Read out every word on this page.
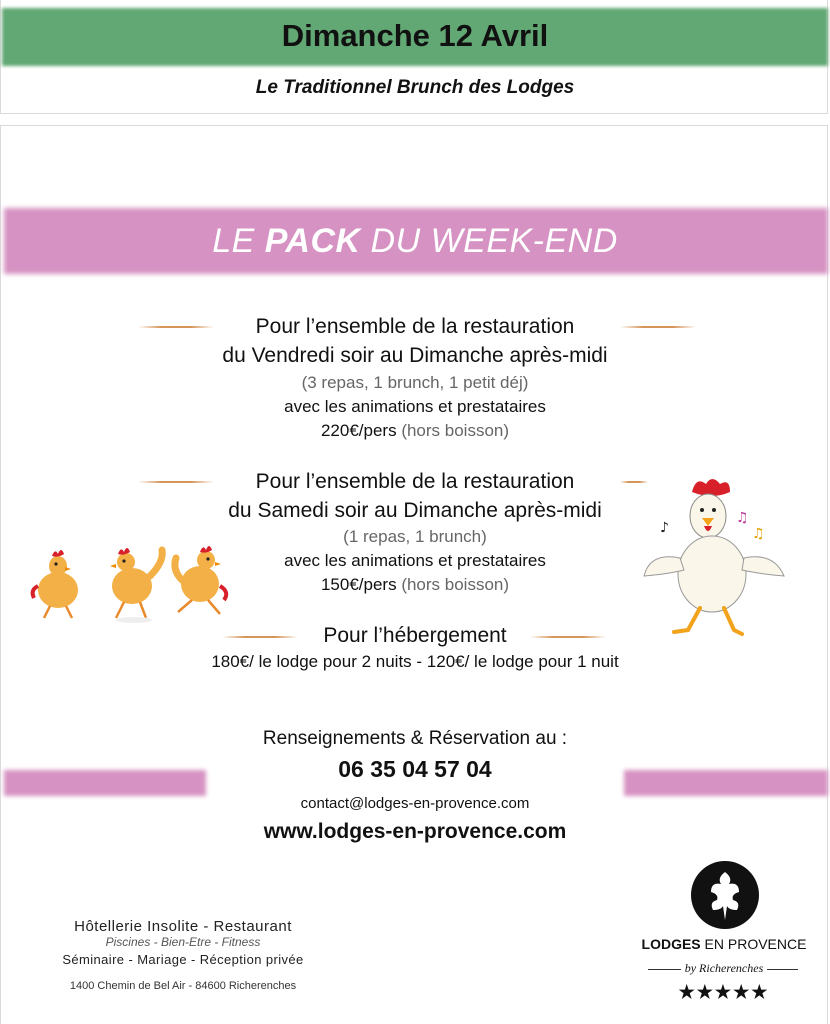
Dimanche 12 Avril
Le Traditionnel Brunch des Lodges
LE PACK DU WEEK-END
Pour l’ensemble de la restauration
du Vendredi soir au Dimanche après-midi
(3 repas, 1 brunch, 1 petit déj)
avec les animations et prestataires
220€/pers (hors boisson)
Pour l’ensemble de la restauration
du Samedi soir au Dimanche après-midi
(1 repas, 1 brunch)
avec les animations et prestataires
150€/pers (hors boisson)
Pour l’hébergement
180€/ le lodge pour 2 nuits - 120€/ le lodge pour 1 nuit
♪
♫
♫
Renseignements & Réservation au :
06 35 04 57 04
contact@lodges-en-provence.com
www.lodges-en-provence.com
Hôtellerie Insolite - Restaurant
Piscines - Bien-Etre - Fitness
Séminaire - Mariage - Réception privée
1400 Chemin de Bel Air - 84600 Richerenches
LODGES EN PROVENCE
by Richerenches
★★★★★
